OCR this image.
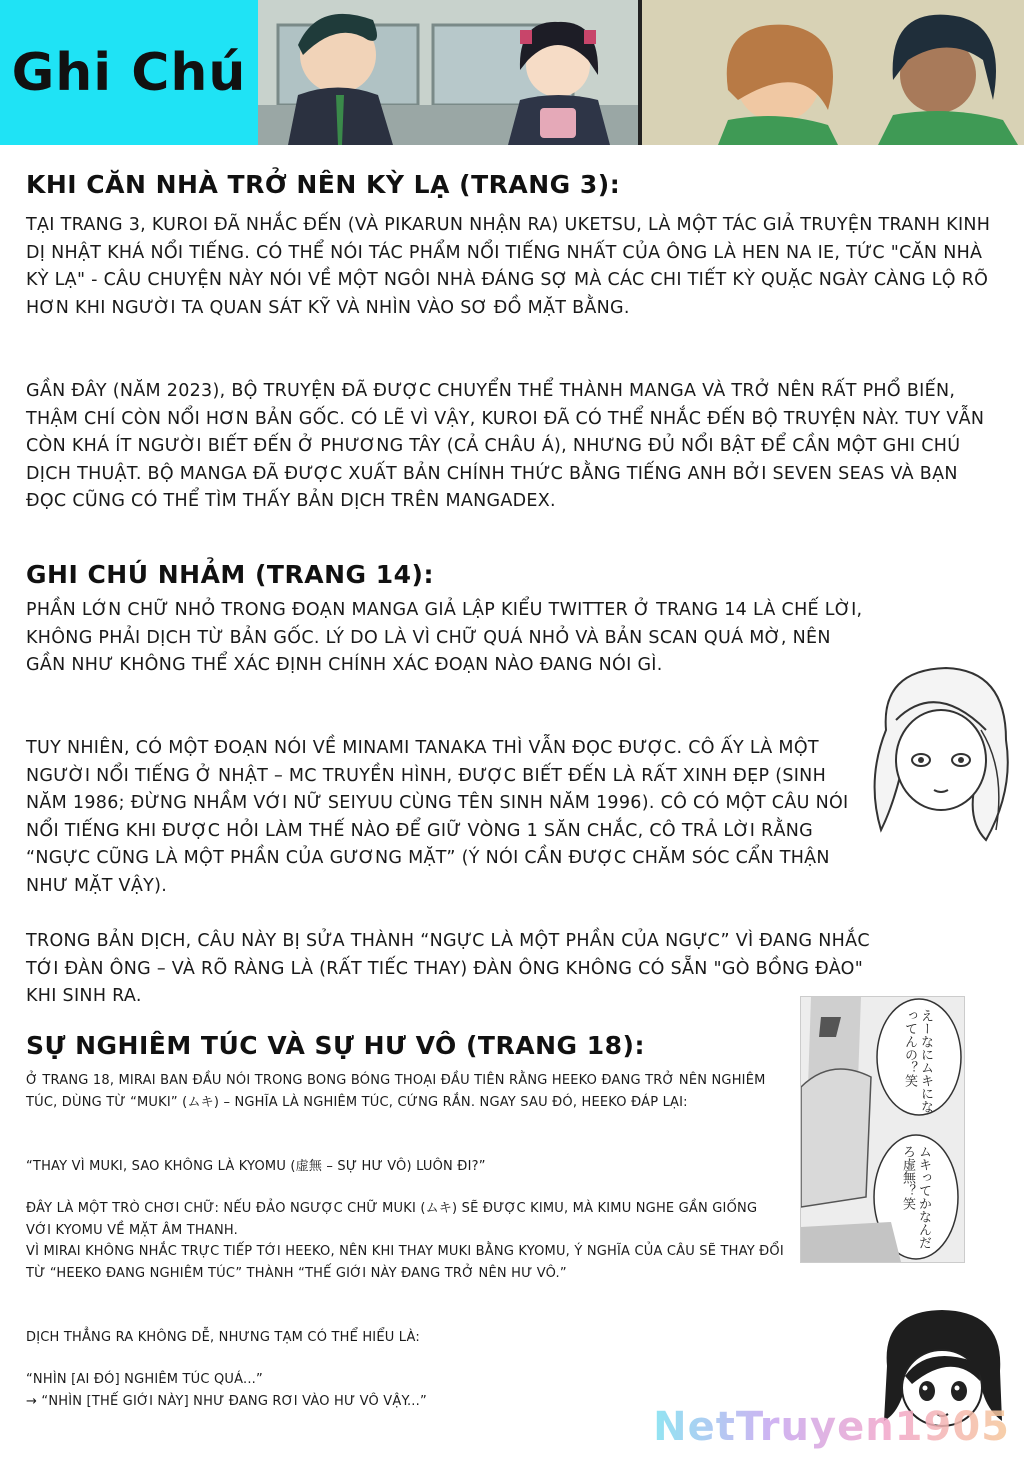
Ghi Chú
KHI CĂN NHÀ TRỞ NÊN KỲ LẠ (TRANG 3):

TẠI TRANG 3, KUROI ĐÃ NHẮC ĐẾN (VÀ PIKARUN NHẬN RA) UKETSU, LÀ MỘT TÁC GIẢ TRUYỆN TRANH KINH DỊ NHẬT KHÁ NỔI TIẾNG. CÓ THỂ NÓI TÁC PHẨM NỔI TIẾNG NHẤT CỦA ÔNG LÀ HEN NA IE, TỨC "CĂN NHÀ KỲ LẠ" - CÂU CHUYỆN NÀY NÓI VỀ MỘT NGÔI NHÀ ĐÁNG SỢ MÀ CÁC CHI TIẾT KỲ QUẶC NGÀY CÀNG LỘ RÕ HƠN KHI NGƯỜI TA QUAN SÁT KỸ VÀ NHÌN VÀO SƠ ĐỒ MẶT BẰNG.

GẦN ĐÂY (NĂM 2023), BỘ TRUYỆN ĐÃ ĐƯỢC CHUYỂN THỂ THÀNH MANGA VÀ TRỞ NÊN RẤT PHỔ BIẾN, THẬM CHÍ CÒN NỔI HƠN BẢN GỐC. CÓ LẼ VÌ VẬY, KUROI ĐÃ CÓ THỂ NHẮC ĐẾN BỘ TRUYỆN NÀY. TUY VẪN CÒN KHÁ ÍT NGƯỜI BIẾT ĐẾN Ở PHƯƠNG TÂY (CẢ CHÂU Á), NHƯNG ĐỦ NỔI BẬT ĐỂ CẦN MỘT GHI CHÚ DỊCH THUẬT. BỘ MANGA ĐÃ ĐƯỢC XUẤT BẢN CHÍNH THỨC BẰNG TIẾNG ANH BỞI SEVEN SEAS VÀ BẠN ĐỌC CŨNG CÓ THỂ TÌM THẤY BẢN DỊCH TRÊN MANGADEX.

GHI CHÚ NHẢM (TRANG 14):

PHẦN LỚN CHỮ NHỎ TRONG ĐOẠN MANGA GIẢ LẬP KIỂU TWITTER Ở TRANG 14 LÀ CHẾ LỜI, KHÔNG PHẢI DỊCH TỪ BẢN GỐC. LÝ DO LÀ VÌ CHỮ QUÁ NHỎ VÀ BẢN SCAN QUÁ MỜ, NÊN GẦN NHƯ KHÔNG THỂ XÁC ĐỊNH CHÍNH XÁC ĐOẠN NÀO ĐANG NÓI GÌ.

TUY NHIÊN, CÓ MỘT ĐOẠN NÓI VỀ MINAMI TANAKA THÌ VẪN ĐỌC ĐƯỢC. CÔ ẤY LÀ MỘT NGƯỜI NỔI TIẾNG Ở NHẬT – MC TRUYỀN HÌNH, ĐƯỢC BIẾT ĐẾN LÀ RẤT XINH ĐẸP (SINH NĂM 1986; ĐỪNG NHẦM VỚI NỮ SEIYUU CÙNG TÊN SINH NĂM 1996). CÔ CÓ MỘT CÂU NÓI NỔI TIẾNG KHI ĐƯỢC HỎI LÀM THẾ NÀO ĐỂ GIỮ VÒNG 1 SĂN CHẮC, CÔ TRẢ LỜI RẰNG “NGỰC CŨNG LÀ MỘT PHẦN CỦA GƯƠNG MẶT” (Ý NÓI CẦN ĐƯỢC CHĂM SÓC CẨN THẬN NHƯ MẶT VẬY).

TRONG BẢN DỊCH, CÂU NÀY BỊ SỬA THÀNH “NGỰC LÀ MỘT PHẦN CỦA NGỰC” VÌ ĐANG NHẮC TỚI ĐÀN ÔNG – VÀ RÕ RÀNG LÀ (RẤT TIẾC THAY) ĐÀN ÔNG KHÔNG CÓ SẴN "GÒ BỒNG ĐÀO" KHI SINH RA.

SỰ NGHIÊM TÚC VÀ SỰ HƯ VÔ (TRANG 18):

Ở TRANG 18, MIRAI BAN ĐẦU NÓI TRONG BONG BÓNG THOẠI ĐẦU TIÊN RẰNG HEEKO ĐANG TRỞ NÊN NGHIÊM TÚC, DÙNG TỪ “MUKI” (ムキ) – NGHĨA LÀ NGHIÊM TÚC, CỨNG RẮN. NGAY SAU ĐÓ, HEEKO ĐÁP LẠI:

“THAY VÌ MUKI, SAO KHÔNG LÀ KYOMU (虚無 – SỰ HƯ VÔ) LUÔN ĐI?”

ĐÂY LÀ MỘT TRÒ CHƠI CHỮ: NẾU ĐẢO NGƯỢC CHỮ MUKI (ムキ) SẼ ĐƯỢC KIMU, MÀ KIMU NGHE GẦN GIỐNG VỚI KYOMU VỀ MẶT ÂM THANH.

VÌ MIRAI KHÔNG NHẮC TRỰC TIẾP TỚI HEEKO, NÊN KHI THAY MUKI BẰNG KYOMU, Ý NGHĨA CỦA CÂU SẼ THAY ĐỔI TỪ “HEEKO ĐANG NGHIÊM TÚC” THÀNH “THẾ GIỚI NÀY ĐANG TRỞ NÊN HƯ VÔ.”

DỊCH THẲNG RA KHÔNG DỄ, NHƯNG TẠM CÓ THỂ HIỂU LÀ:

“NHÌN [AI ĐÓ] NGHIÊM TÚC QUÁ...”

→ “NHÌN [THẾ GIỚI NÀY] NHƯ ĐANG RƠI VÀO HƯ VÔ VẬY...”

えーなにムキになってんの？笑
ムキってかなんだろ虚無？笑
NetTruyen1905
